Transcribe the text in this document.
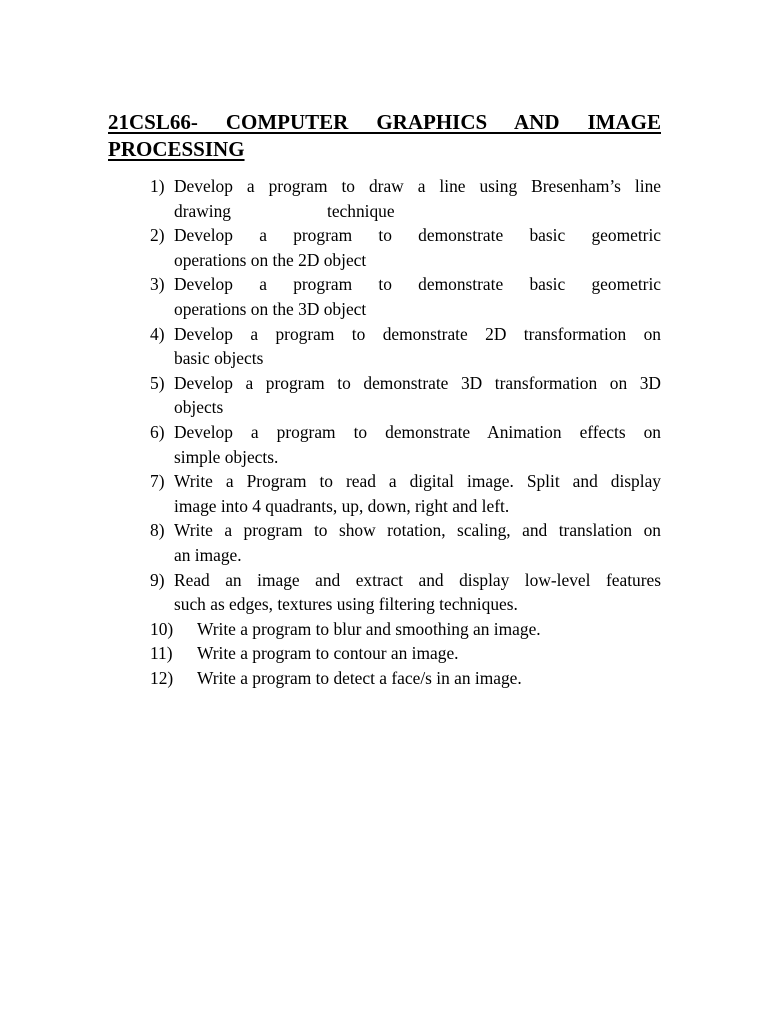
21CSL66- COMPUTER GRAPHICS AND IMAGE PROCESSING
1) Develop a program to draw a line using Bresenham’s line
drawing	technique
2) Develop a program to demonstrate basic geometric
operations on the 2D object
3) Develop a program to demonstrate basic geometric
operations on the 3D object
4) Develop a program to demonstrate 2D transformation on
basic objects
5) Develop a program to demonstrate 3D transformation on 3D
objects
6) Develop a program to demonstrate Animation effects on
simple objects.
7) Write a Program to read a digital image. Split and display
image into 4 quadrants, up, down, right and left.
8) Write a program to show rotation, scaling, and translation on
an image.
9) Read an image and extract and display low-level features
such as edges, textures using filtering techniques.
10) Write a program to blur and smoothing an image.
11) Write a program to contour an image.
12) Write a program to detect a face/s in an image.
